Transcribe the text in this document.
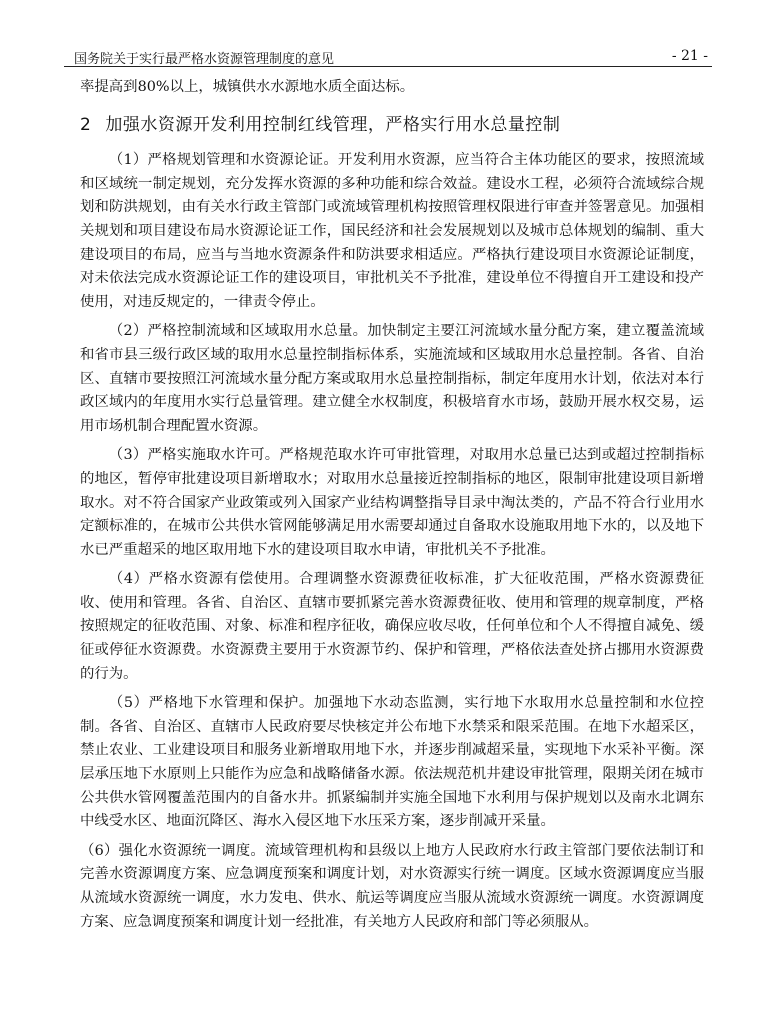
国务院关于实行最严格水资源管理制度的意见	- 21 -

率提高到80%以上，城镇供水水源地水质全面达标。

2 加强水资源开发利用控制红线管理，严格实行用水总量控制

（1）严格规划管理和水资源论证。开发利用水资源，应当符合主体功能区的要求，按照流域和区域统一制定规划，充分发挥水资源的多种功能和综合效益。建设水工程，必须符合流域综合规划和防洪规划，由有关水行政主管部门或流域管理机构按照管理权限进行审查并签署意见。加强相关规划和项目建设布局水资源论证工作，国民经济和社会发展规划以及城市总体规划的编制、重大建设项目的布局，应当与当地水资源条件和防洪要求相适应。严格执行建设项目水资源论证制度，对未依法完成水资源论证工作的建设项目，审批机关不予批准，建设单位不得擅自开工建设和投产使用，对违反规定的，一律责令停止。

（2）严格控制流域和区域取用水总量。加快制定主要江河流域水量分配方案，建立覆盖流域和省市县三级行政区域的取用水总量控制指标体系，实施流域和区域取用水总量控制。各省、自治区、直辖市要按照江河流域水量分配方案或取用水总量控制指标，制定年度用水计划，依法对本行政区域内的年度用水实行总量管理。建立健全水权制度，积极培育水市场，鼓励开展水权交易，运用市场机制合理配置水资源。

（3）严格实施取水许可。严格规范取水许可审批管理，对取用水总量已达到或超过控制指标的地区，暂停审批建设项目新增取水；对取用水总量接近控制指标的地区，限制审批建设项目新增取水。对不符合国家产业政策或列入国家产业结构调整指导目录中淘汰类的，产品不符合行业用水定额标准的，在城市公共供水管网能够满足用水需要却通过自备取水设施取用地下水的，以及地下水已严重超采的地区取用地下水的建设项目取水申请，审批机关不予批准。

（4）严格水资源有偿使用。合理调整水资源费征收标准，扩大征收范围，严格水资源费征收、使用和管理。各省、自治区、直辖市要抓紧完善水资源费征收、使用和管理的规章制度，严格按照规定的征收范围、对象、标准和程序征收，确保应收尽收，任何单位和个人不得擅自减免、缓征或停征水资源费。水资源费主要用于水资源节约、保护和管理，严格依法查处挤占挪用水资源费的行为。

（5）严格地下水管理和保护。加强地下水动态监测，实行地下水取用水总量控制和水位控制。各省、自治区、直辖市人民政府要尽快核定并公布地下水禁采和限采范围。在地下水超采区，禁止农业、工业建设项目和服务业新增取用地下水，并逐步削减超采量，实现地下水采补平衡。深层承压地下水原则上只能作为应急和战略储备水源。依法规范机井建设审批管理，限期关闭在城市公共供水管网覆盖范围内的自备水井。抓紧编制并实施全国地下水利用与保护规划以及南水北调东中线受水区、地面沉降区、海水入侵区地下水压采方案，逐步削减开采量。

（6）强化水资源统一调度。流域管理机构和县级以上地方人民政府水行政主管部门要依法制订和完善水资源调度方案、应急调度预案和调度计划，对水资源实行统一调度。区域水资源调度应当服从流域水资源统一调度，水力发电、供水、航运等调度应当服从流域水资源统一调度。水资源调度方案、应急调度预案和调度计划一经批准，有关地方人民政府和部门等必须服从。
